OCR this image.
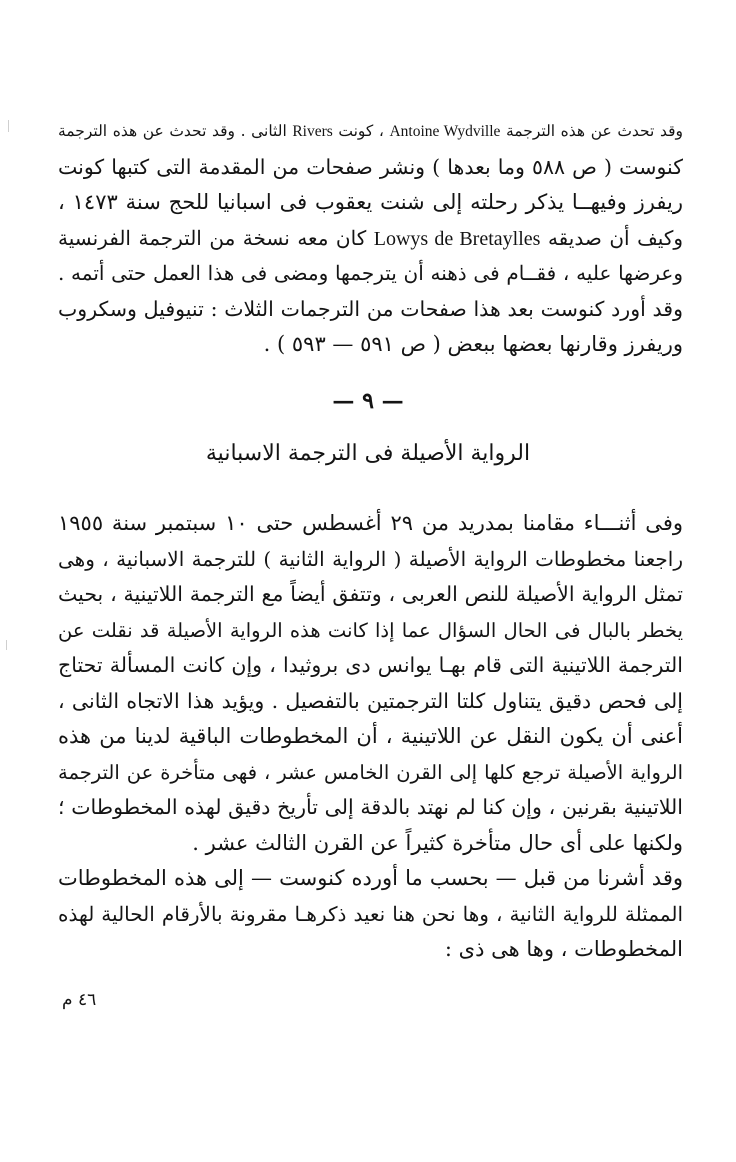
وقد تحدث عن هذه الترجمة Antoine Wydville ، كونت Rivers الثانى . وقد تحدث عن هذه الترجمة
كنوست ( ص ٥٨٨ وما بعدها ) ونشر صفحات من المقدمة التى كتبها كونت
ريفرز وفيهــا يذكر رحلته إلى شنت يعقوب فى اسبانيا للحج سنة ١٤٧٣ ،
وكيف أن صديقه Lowys de Bretaylles كان معه نسخة من الترجمة الفرنسية
وعرضها عليه ، فقــام فى ذهنه أن يترجمها ومضى فى هذا العمل حتى أتمه .
وقد أورد كنوست بعد هذا صفحات من الترجمات الثلاث : تنيوفيل وسكروب
وريفرز وقارنها بعضها ببعض ( ص ٥٩١ — ٥٩٣ ) .
— ٩ —
الرواية الأصيلة فى الترجمة الاسبانية
وفى أثنـــاء مقامنا بمدريد من ٢٩ أغسطس حتى ١٠ سبتمبر سنة ١٩٥٥
راجعنا مخطوطات الرواية الأصيلة ( الرواية الثانية ) للترجمة الاسبانية ، وهى
تمثل الرواية الأصيلة للنص العربى ، وتتفق أيضاً مع الترجمة اللاتينية ، بحيث
يخطر بالبال فى الحال السؤال عما إذا كانت هذه الرواية الأصيلة قد نقلت عن
الترجمة اللاتينية التى قام بهـا يوانس دى بروثيدا ، وإن كانت المسألة تحتاج
إلى فحص دقيق يتناول كلتا الترجمتين بالتفصيل . ويؤيد هذا الاتجاه الثانى ،
أعنى أن يكون النقل عن اللاتينية ، أن المخطوطات الباقية لدينا من هذه
الرواية الأصيلة ترجع كلها إلى القرن الخامس عشر ، فهى متأخرة عن الترجمة
اللاتينية بقرنين ، وإن كنا لم نهتد بالدقة إلى تأريخ دقيق لهذه المخطوطات ؛
ولكنها على أى حال متأخرة كثيراً عن القرن الثالث عشر .
وقد أشرنا من قبل — بحسب ما أورده كنوست — إلى هذه المخطوطات
الممثلة للرواية الثانية ، وها نحن هنا نعيد ذكرهـا مقرونة بالأرقام الحالية لهذه
المخطوطات ، وها هى ذى :
٤٦ م
